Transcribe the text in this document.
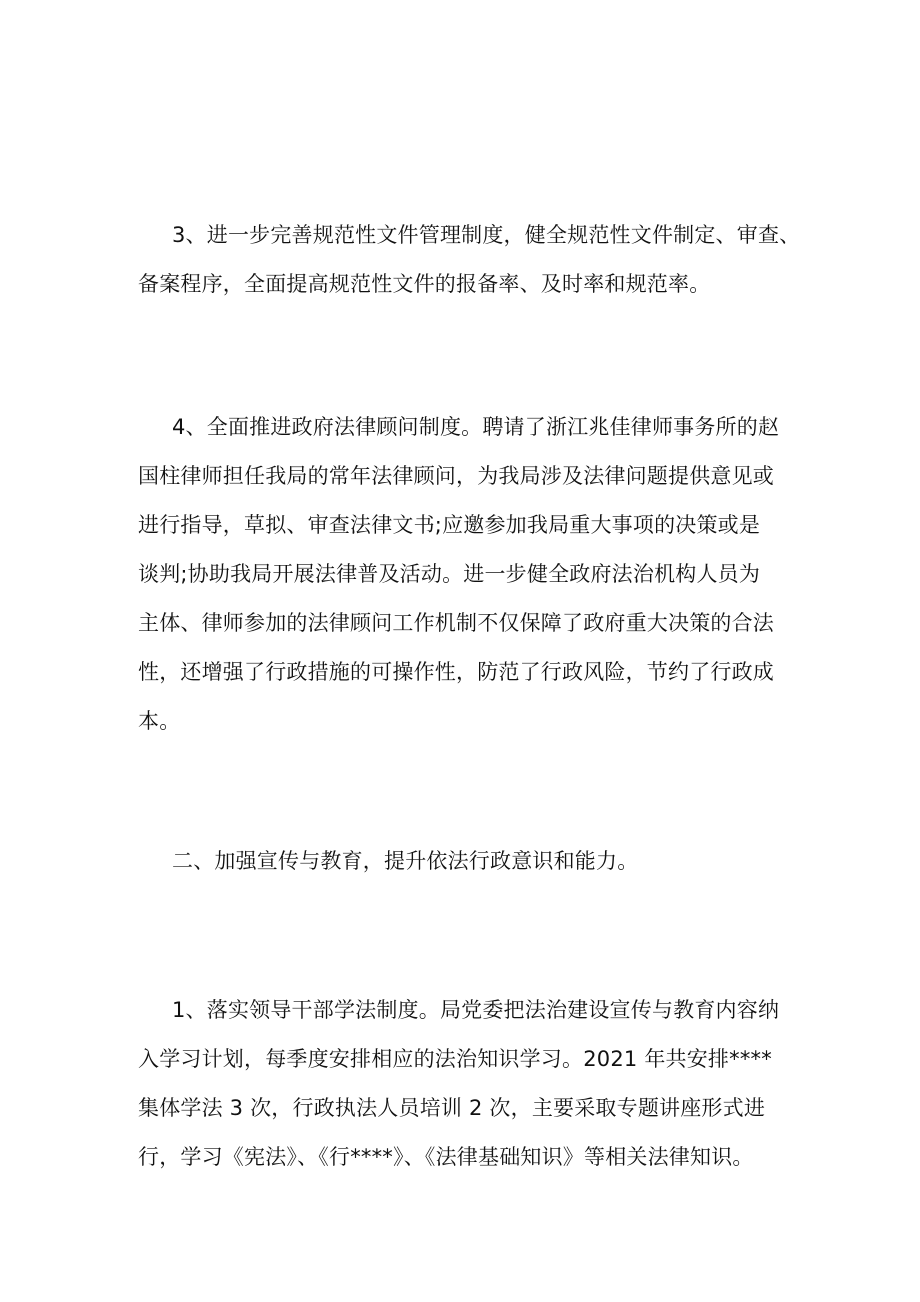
3、进一步完善规范性文件管理制度，健全规范性文件制定、审查、
备案程序，全面提高规范性文件的报备率、及时率和规范率。

4、全面推进政府法律顾问制度。聘请了浙江兆佳律师事务所的赵
国柱律师担任我局的常年法律顾问，为我局涉及法律问题提供意见或
进行指导，草拟、审查法律文书;应邀参加我局重大事项的决策或是
谈判;协助我局开展法律普及活动。进一步健全政府法治机构人员为
主体、律师参加的法律顾问工作机制不仅保障了政府重大决策的合法
性，还增强了行政措施的可操作性，防范了行政风险，节约了行政成
本。

二、加强宣传与教育，提升依法行政意识和能力。

1、落实领导干部学法制度。局党委把法治建设宣传与教育内容纳
入学习计划，每季度安排相应的法治知识学习。2021 年共安排****
集体学法 3 次，行政执法人员培训 2 次，主要采取专题讲座形式进
行，学习《宪法》、《行****》、《法律基础知识》等相关法律知识。
